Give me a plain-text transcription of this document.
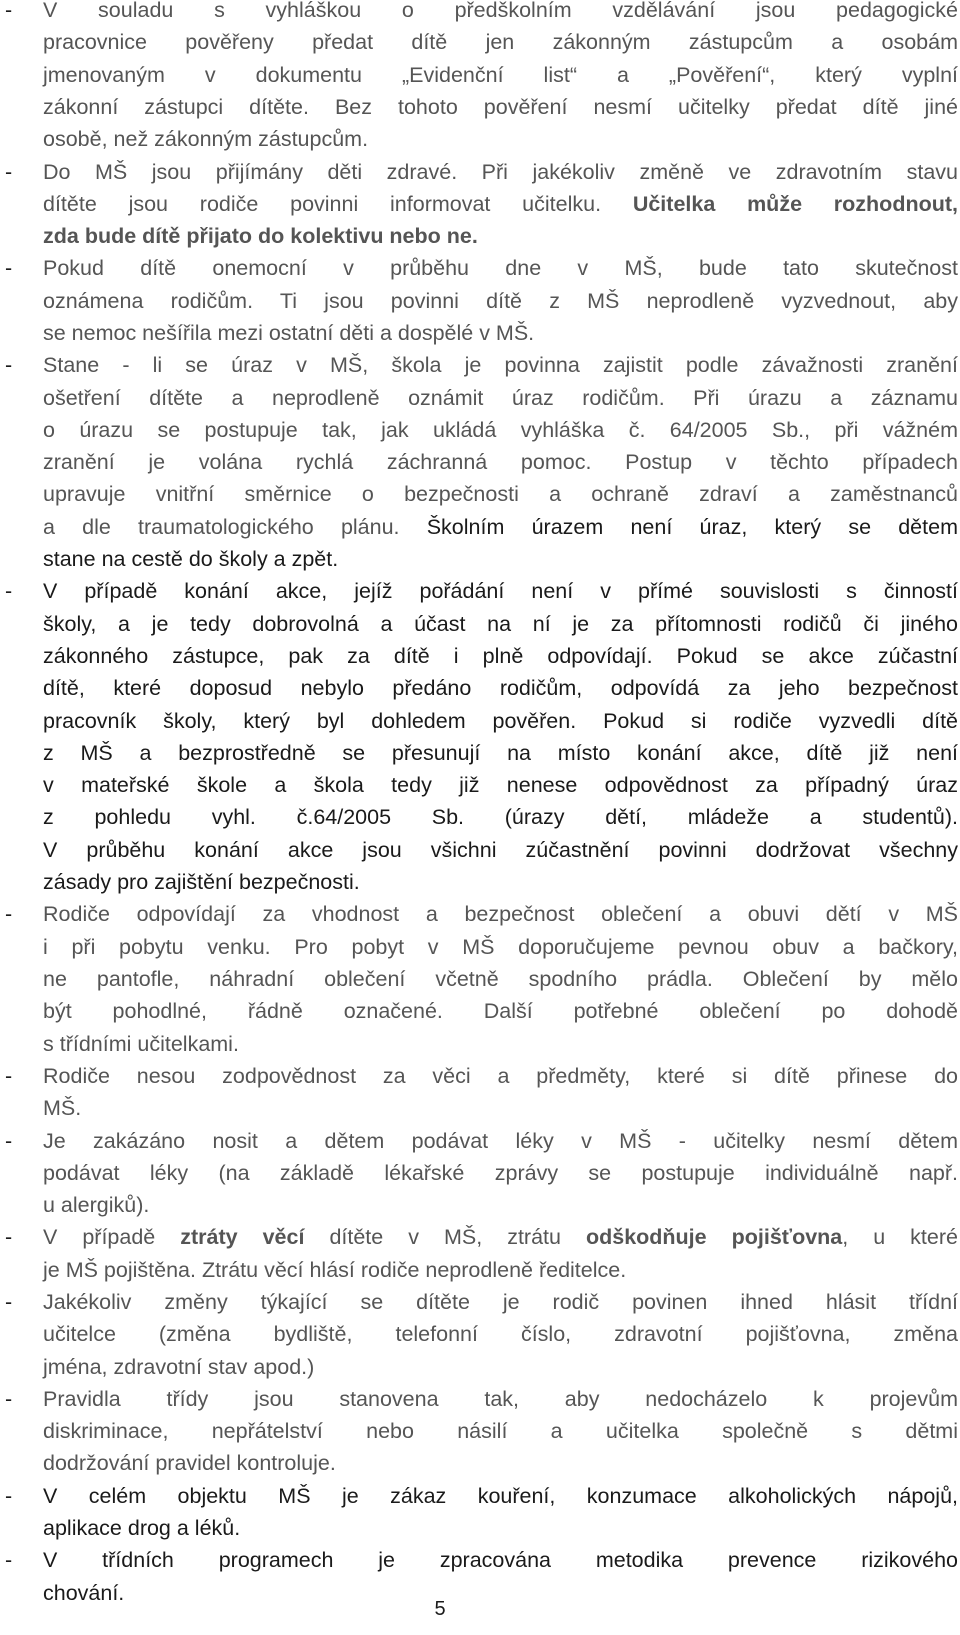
- V souladu s vyhláškou o předškolním vzdělávání jsou pedagogické
pracovnice pověřeny předat dítě jen zákonným zástupcům a osobám
jmenovaným v dokumentu „Evidenční list“ a „Pověření“, který vyplní
zákonní zástupci dítěte. Bez tohoto pověření nesmí učitelky předat dítě jiné
osobě, než zákonným zástupcům.
- Do MŠ jsou přijímány děti zdravé. Při jakékoliv změně ve zdravotním stavu
dítěte jsou rodiče povinni informovat učitelku. Učitelka může rozhodnout,
zda bude dítě přijato do kolektivu nebo ne.
- Pokud dítě onemocní v průběhu dne v MŠ, bude tato skutečnost
oznámena rodičům. Ti jsou povinni dítě z MŠ neprodleně vyzvednout, aby
se nemoc nešířila mezi ostatní děti a dospělé v MŠ.
- Stane - li se úraz v MŠ, škola je povinna zajistit podle závažnosti zranění
ošetření dítěte a neprodleně oznámit úraz rodičům. Při úrazu a záznamu
o úrazu se postupuje tak, jak ukládá vyhláška č. 64/2005 Sb., při vážném
zranění je volána rychlá záchranná pomoc. Postup v těchto případech
upravuje vnitřní směrnice o bezpečnosti a ochraně zdraví a zaměstnanců
a dle traumatologického plánu. Školním úrazem není úraz, který se dětem
stane na cestě do školy a zpět.
- V případě konání akce, jejíž pořádání není v přímé souvislosti s činností
školy, a je tedy dobrovolná a účast na ní je za přítomnosti rodičů či jiného
zákonného zástupce, pak za dítě i plně odpovídají. Pokud se akce zúčastní
dítě, které doposud nebylo předáno rodičům, odpovídá za jeho bezpečnost
pracovník školy, který byl dohledem pověřen. Pokud si rodiče vyzvedli dítě
z MŠ a bezprostředně se přesunují na místo konání akce, dítě již není
v mateřské škole a škola tedy již nenese odpovědnost za případný úraz
z pohledu vyhl. č.64/2005 Sb. (úrazy dětí, mládeže a studentů).
V průběhu konání akce jsou všichni zúčastnění povinni dodržovat všechny
zásady pro zajištění bezpečnosti.
- Rodiče odpovídají za vhodnost a bezpečnost oblečení a obuvi dětí v MŠ
i při pobytu venku. Pro pobyt v MŠ doporučujeme pevnou obuv a bačkory,
ne pantofle, náhradní oblečení včetně spodního prádla. Oblečení by mělo
být pohodlné, řádně označené. Další potřebné oblečení po dohodě
s třídními učitelkami.
- Rodiče nesou zodpovědnost za věci a předměty, které si dítě přinese do
MŠ.
- Je zakázáno nosit a dětem podávat léky v MŠ - učitelky nesmí dětem
podávat léky (na základě lékařské zprávy se postupuje individuálně např.
u alergiků).
- V případě ztráty věcí dítěte v MŠ, ztrátu odškodňuje pojišťovna, u které
je MŠ pojištěna. Ztrátu věcí hlásí rodiče neprodleně ředitelce.
- Jakékoliv změny týkající se dítěte je rodič povinen ihned hlásit třídní
učitelce (změna bydliště, telefonní číslo, zdravotní pojišťovna, změna
jména, zdravotní stav apod.)
- Pravidla třídy jsou stanovena tak, aby nedocházelo k projevům
diskriminace, nepřátelství nebo násilí a učitelka společně s dětmi
dodržování pravidel kontroluje.
- V celém objektu MŠ je zákaz kouření, konzumace alkoholických nápojů,
aplikace drog a léků.
- V třídních programech je zpracována metodika prevence rizikového
chování.
5
